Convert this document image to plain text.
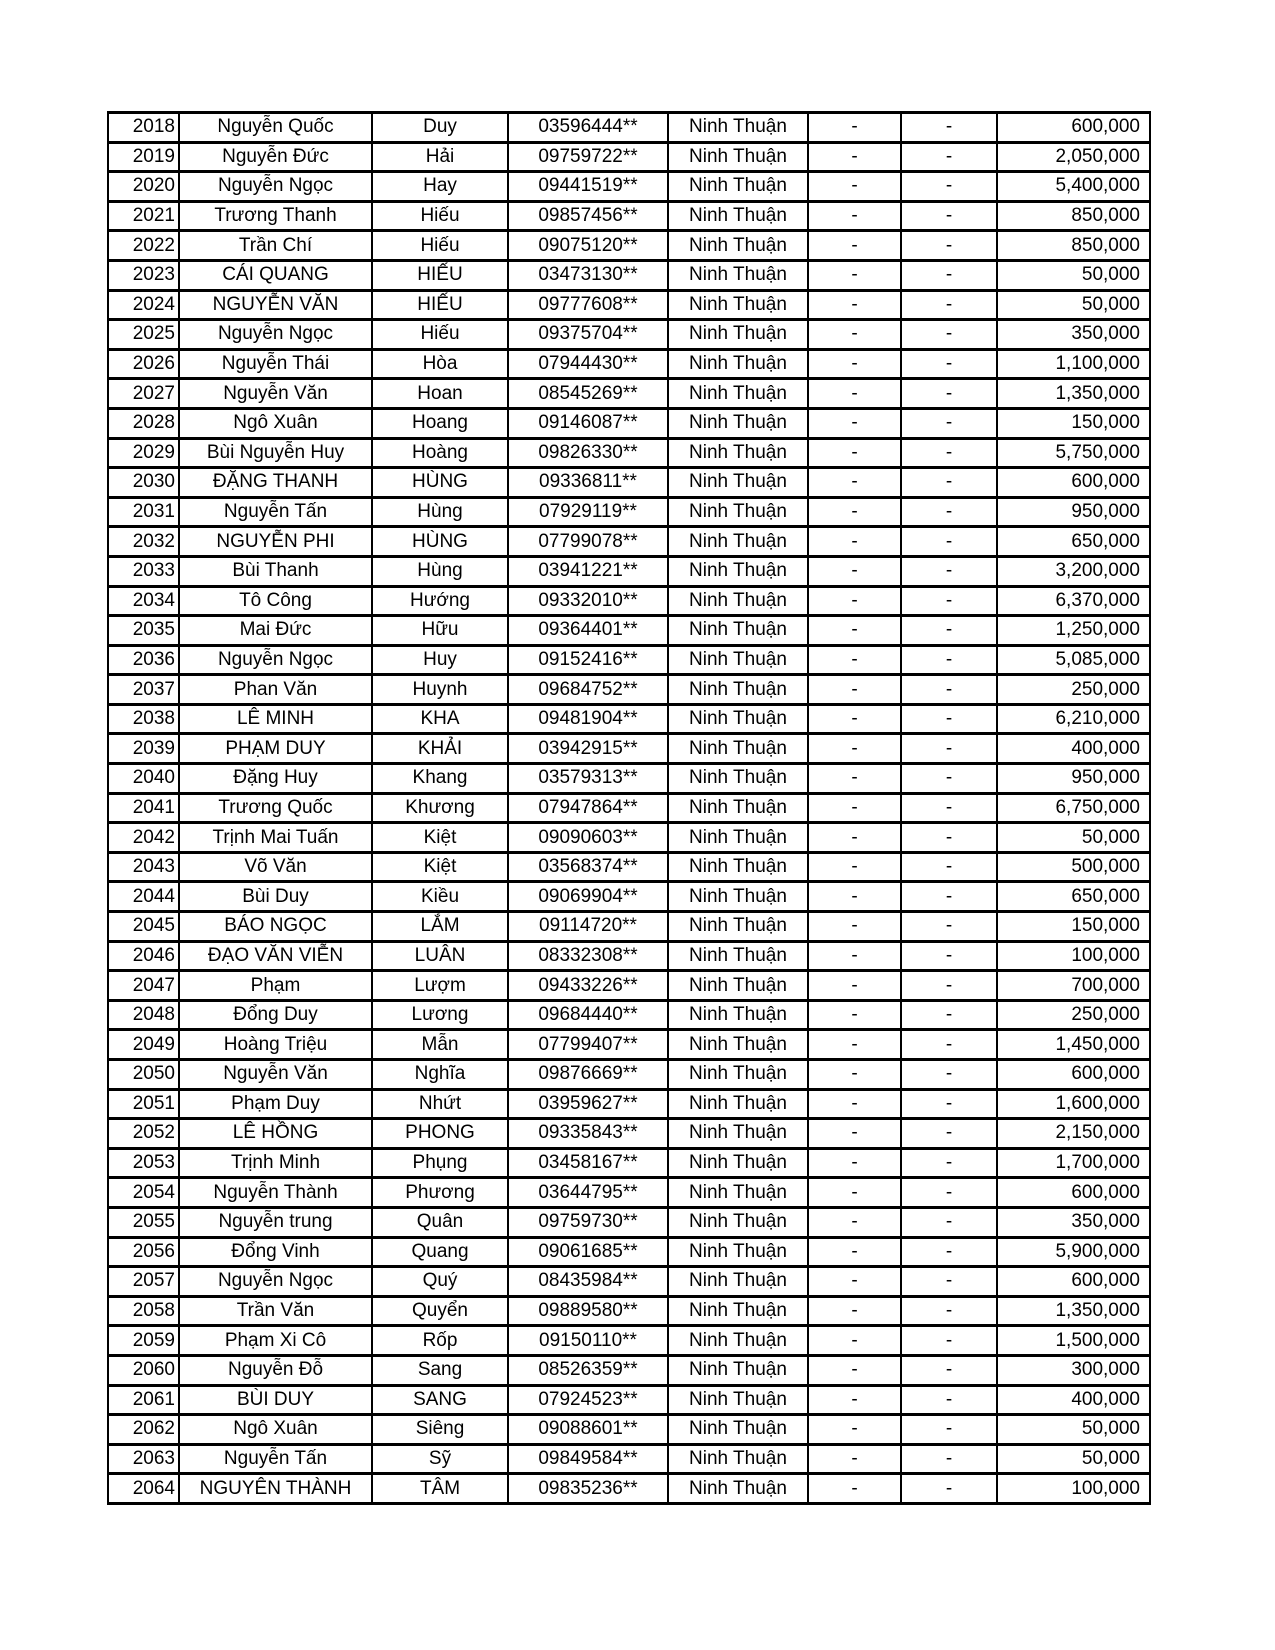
2018	Nguyễn Quốc	Duy	03596444**	Ninh Thuận	-	-	600,000
2019	Nguyễn Đức	Hải	09759722**	Ninh Thuận	-	-	2,050,000
2020	Nguyễn Ngọc	Hay	09441519**	Ninh Thuận	-	-	5,400,000
2021	Trương Thanh	Hiếu	09857456**	Ninh Thuận	-	-	850,000
2022	Trần Chí	Hiếu	09075120**	Ninh Thuận	-	-	850,000
2023	CÁI QUANG	HIẾU	03473130**	Ninh Thuận	-	-	50,000
2024	NGUYỄN VĂN	HIẾU	09777608**	Ninh Thuận	-	-	50,000
2025	Nguyễn Ngọc	Hiếu	09375704**	Ninh Thuận	-	-	350,000
2026	Nguyễn Thái	Hòa	07944430**	Ninh Thuận	-	-	1,100,000
2027	Nguyễn Văn	Hoan	08545269**	Ninh Thuận	-	-	1,350,000
2028	Ngô Xuân	Hoang	09146087**	Ninh Thuận	-	-	150,000
2029	Bùi Nguyễn Huy	Hoàng	09826330**	Ninh Thuận	-	-	5,750,000
2030	ĐẶNG THANH	HÙNG	09336811**	Ninh Thuận	-	-	600,000
2031	Nguyễn Tấn	Hùng	07929119**	Ninh Thuận	-	-	950,000
2032	NGUYỄN PHI	HÙNG	07799078**	Ninh Thuận	-	-	650,000
2033	Bùi Thanh	Hùng	03941221**	Ninh Thuận	-	-	3,200,000
2034	Tô Công	Hướng	09332010**	Ninh Thuận	-	-	6,370,000
2035	Mai Đức	Hữu	09364401**	Ninh Thuận	-	-	1,250,000
2036	Nguyễn Ngọc	Huy	09152416**	Ninh Thuận	-	-	5,085,000
2037	Phan Văn	Huynh	09684752**	Ninh Thuận	-	-	250,000
2038	LÊ MINH	KHA	09481904**	Ninh Thuận	-	-	6,210,000
2039	PHẠM DUY	KHẢI	03942915**	Ninh Thuận	-	-	400,000
2040	Đặng Huy	Khang	03579313**	Ninh Thuận	-	-	950,000
2041	Trương Quốc	Khương	07947864**	Ninh Thuận	-	-	6,750,000
2042	Trịnh Mai Tuấn	Kiệt	09090603**	Ninh Thuận	-	-	50,000
2043	Võ Văn	Kiệt	03568374**	Ninh Thuận	-	-	500,000
2044	Bùi Duy	Kiều	09069904**	Ninh Thuận	-	-	650,000
2045	BÁO NGỌC	LẮM	09114720**	Ninh Thuận	-	-	150,000
2046	ĐẠO VĂN VIỄN	LUÂN	08332308**	Ninh Thuận	-	-	100,000
2047	Phạm	Lượm	09433226**	Ninh Thuận	-	-	700,000
2048	Đổng Duy	Lương	09684440**	Ninh Thuận	-	-	250,000
2049	Hoàng Triệu	Mẫn	07799407**	Ninh Thuận	-	-	1,450,000
2050	Nguyễn Văn	Nghĩa	09876669**	Ninh Thuận	-	-	600,000
2051	Phạm Duy	Nhứt	03959627**	Ninh Thuận	-	-	1,600,000
2052	LÊ HỒNG	PHONG	09335843**	Ninh Thuận	-	-	2,150,000
2053	Trịnh Minh	Phụng	03458167**	Ninh Thuận	-	-	1,700,000
2054	Nguyễn Thành	Phương	03644795**	Ninh Thuận	-	-	600,000
2055	Nguyễn trung	Quân	09759730**	Ninh Thuận	-	-	350,000
2056	Đổng Vinh	Quang	09061685**	Ninh Thuận	-	-	5,900,000
2057	Nguyễn Ngọc	Quý	08435984**	Ninh Thuận	-	-	600,000
2058	Trần Văn	Quyển	09889580**	Ninh Thuận	-	-	1,350,000
2059	Phạm Xi Cô	Rốp	09150110**	Ninh Thuận	-	-	1,500,000
2060	Nguyễn Đỗ	Sang	08526359**	Ninh Thuận	-	-	300,000
2061	BÙI DUY	SANG	07924523**	Ninh Thuận	-	-	400,000
2062	Ngô Xuân	Siêng	09088601**	Ninh Thuận	-	-	50,000
2063	Nguyễn Tấn	Sỹ	09849584**	Ninh Thuận	-	-	50,000
2064	NGUYÊN THÀNH	TÂM	09835236**	Ninh Thuận	-	-	100,000
